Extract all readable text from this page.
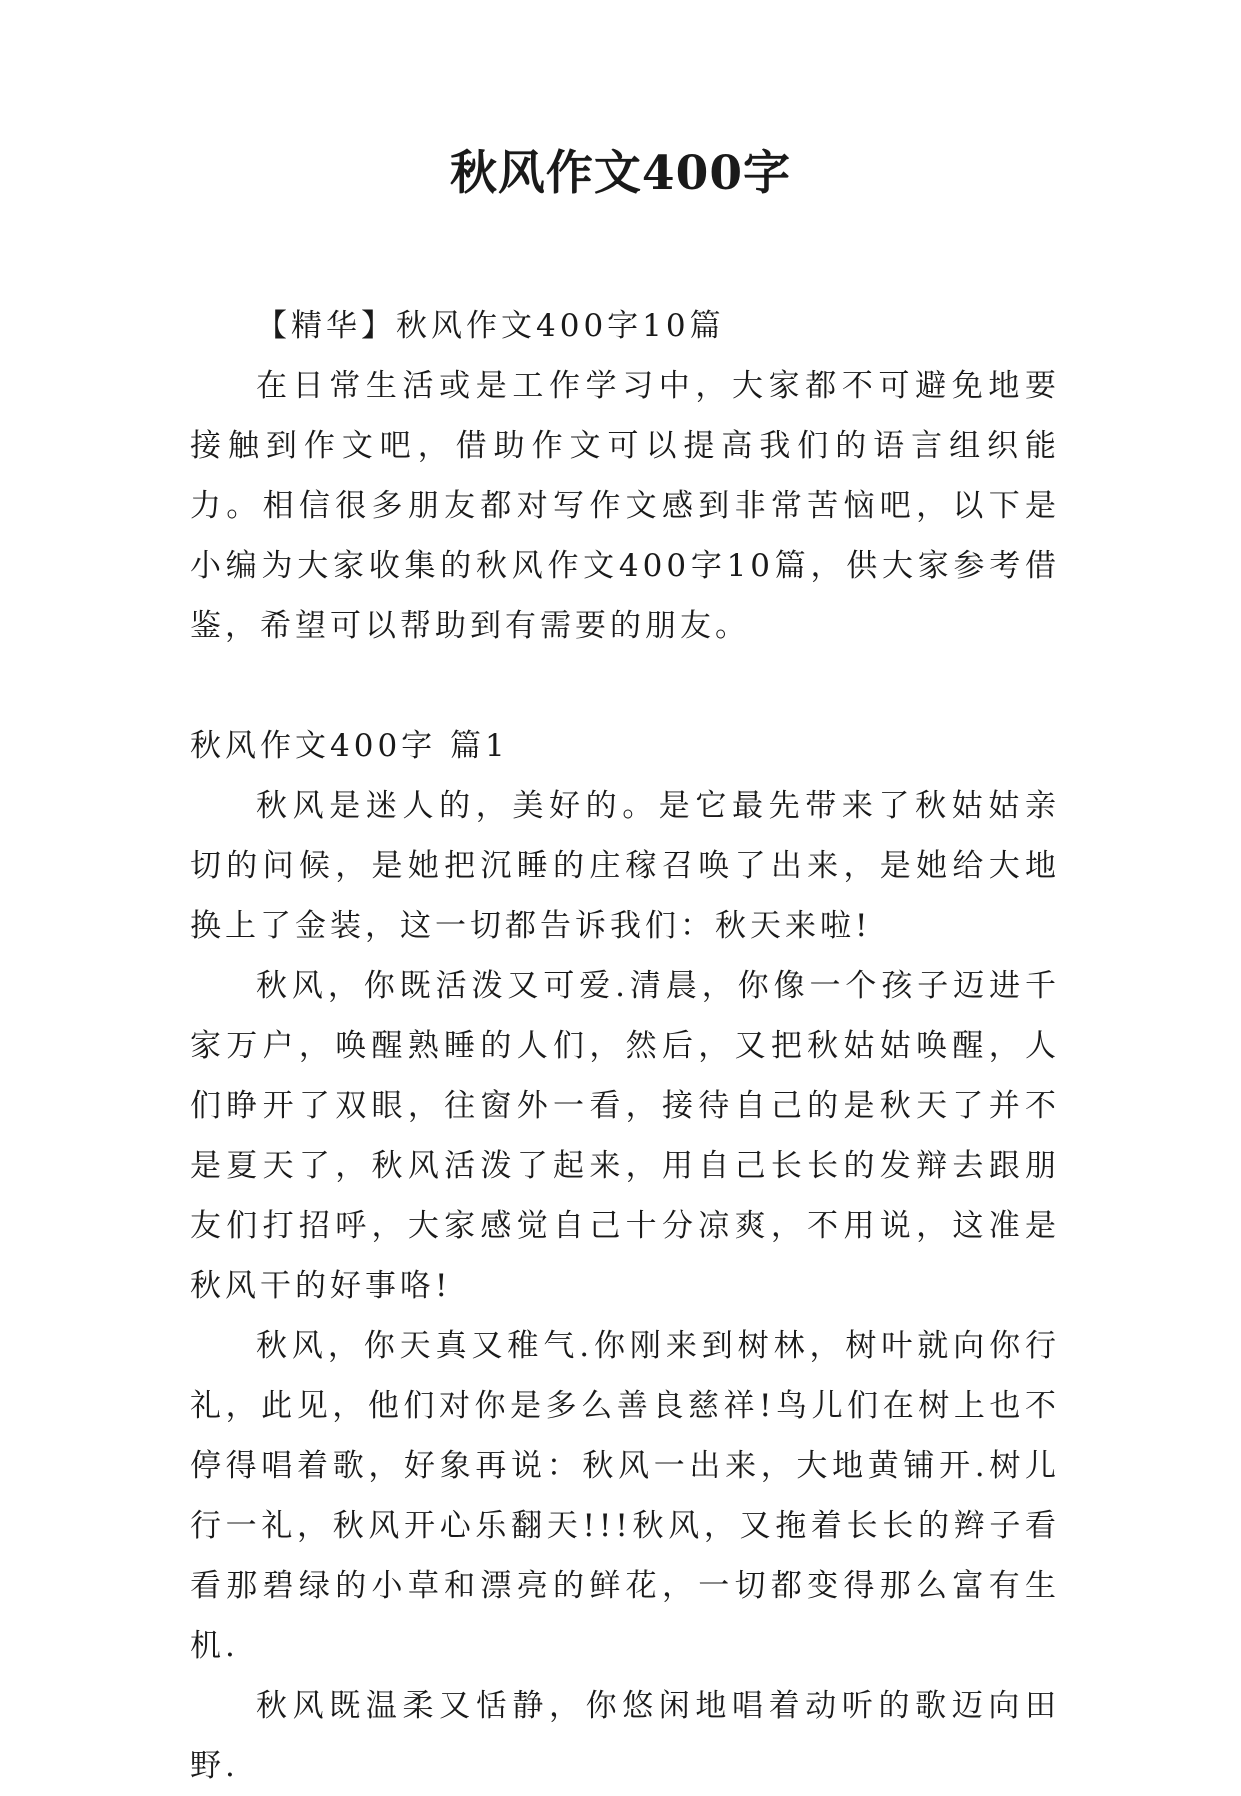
秋风作文400字

【精华】秋风作文400字10篇

在日常生活或是工作学习中，大家都不可避免地要接触到作文吧，借助作文可以提高我们的语言组织能力。相信很多朋友都对写作文感到非常苦恼吧，以下是小编为大家收集的秋风作文400字10篇，供大家参考借鉴，希望可以帮助到有需要的朋友。

秋风作文400字 篇1

秋风是迷人的，美好的。是它最先带来了秋姑姑亲切的问候，是她把沉睡的庄稼召唤了出来，是她给大地换上了金装，这一切都告诉我们：秋天来啦!

秋风，你既活泼又可爱.清晨，你像一个孩子迈进千家万户，唤醒熟睡的人们，然后，又把秋姑姑唤醒，人们睁开了双眼，往窗外一看，接待自己的是秋天了并不是夏天了，秋风活泼了起来，用自己长长的发辩去跟朋友们打招呼，大家感觉自己十分凉爽，不用说，这准是秋风干的好事咯!

秋风，你天真又稚气.你刚来到树林，树叶就向你行礼，此见，他们对你是多么善良慈祥!鸟儿们在树上也不停得唱着歌，好象再说：秋风一出来，大地黄铺开.树儿行一礼，秋风开心乐翻天!!!秋风，又拖着长长的辫子看看那碧绿的小草和漂亮的鲜花，一切都变得那么富有生机.

秋风既温柔又恬静，你悠闲地唱着动听的歌迈向田野.
